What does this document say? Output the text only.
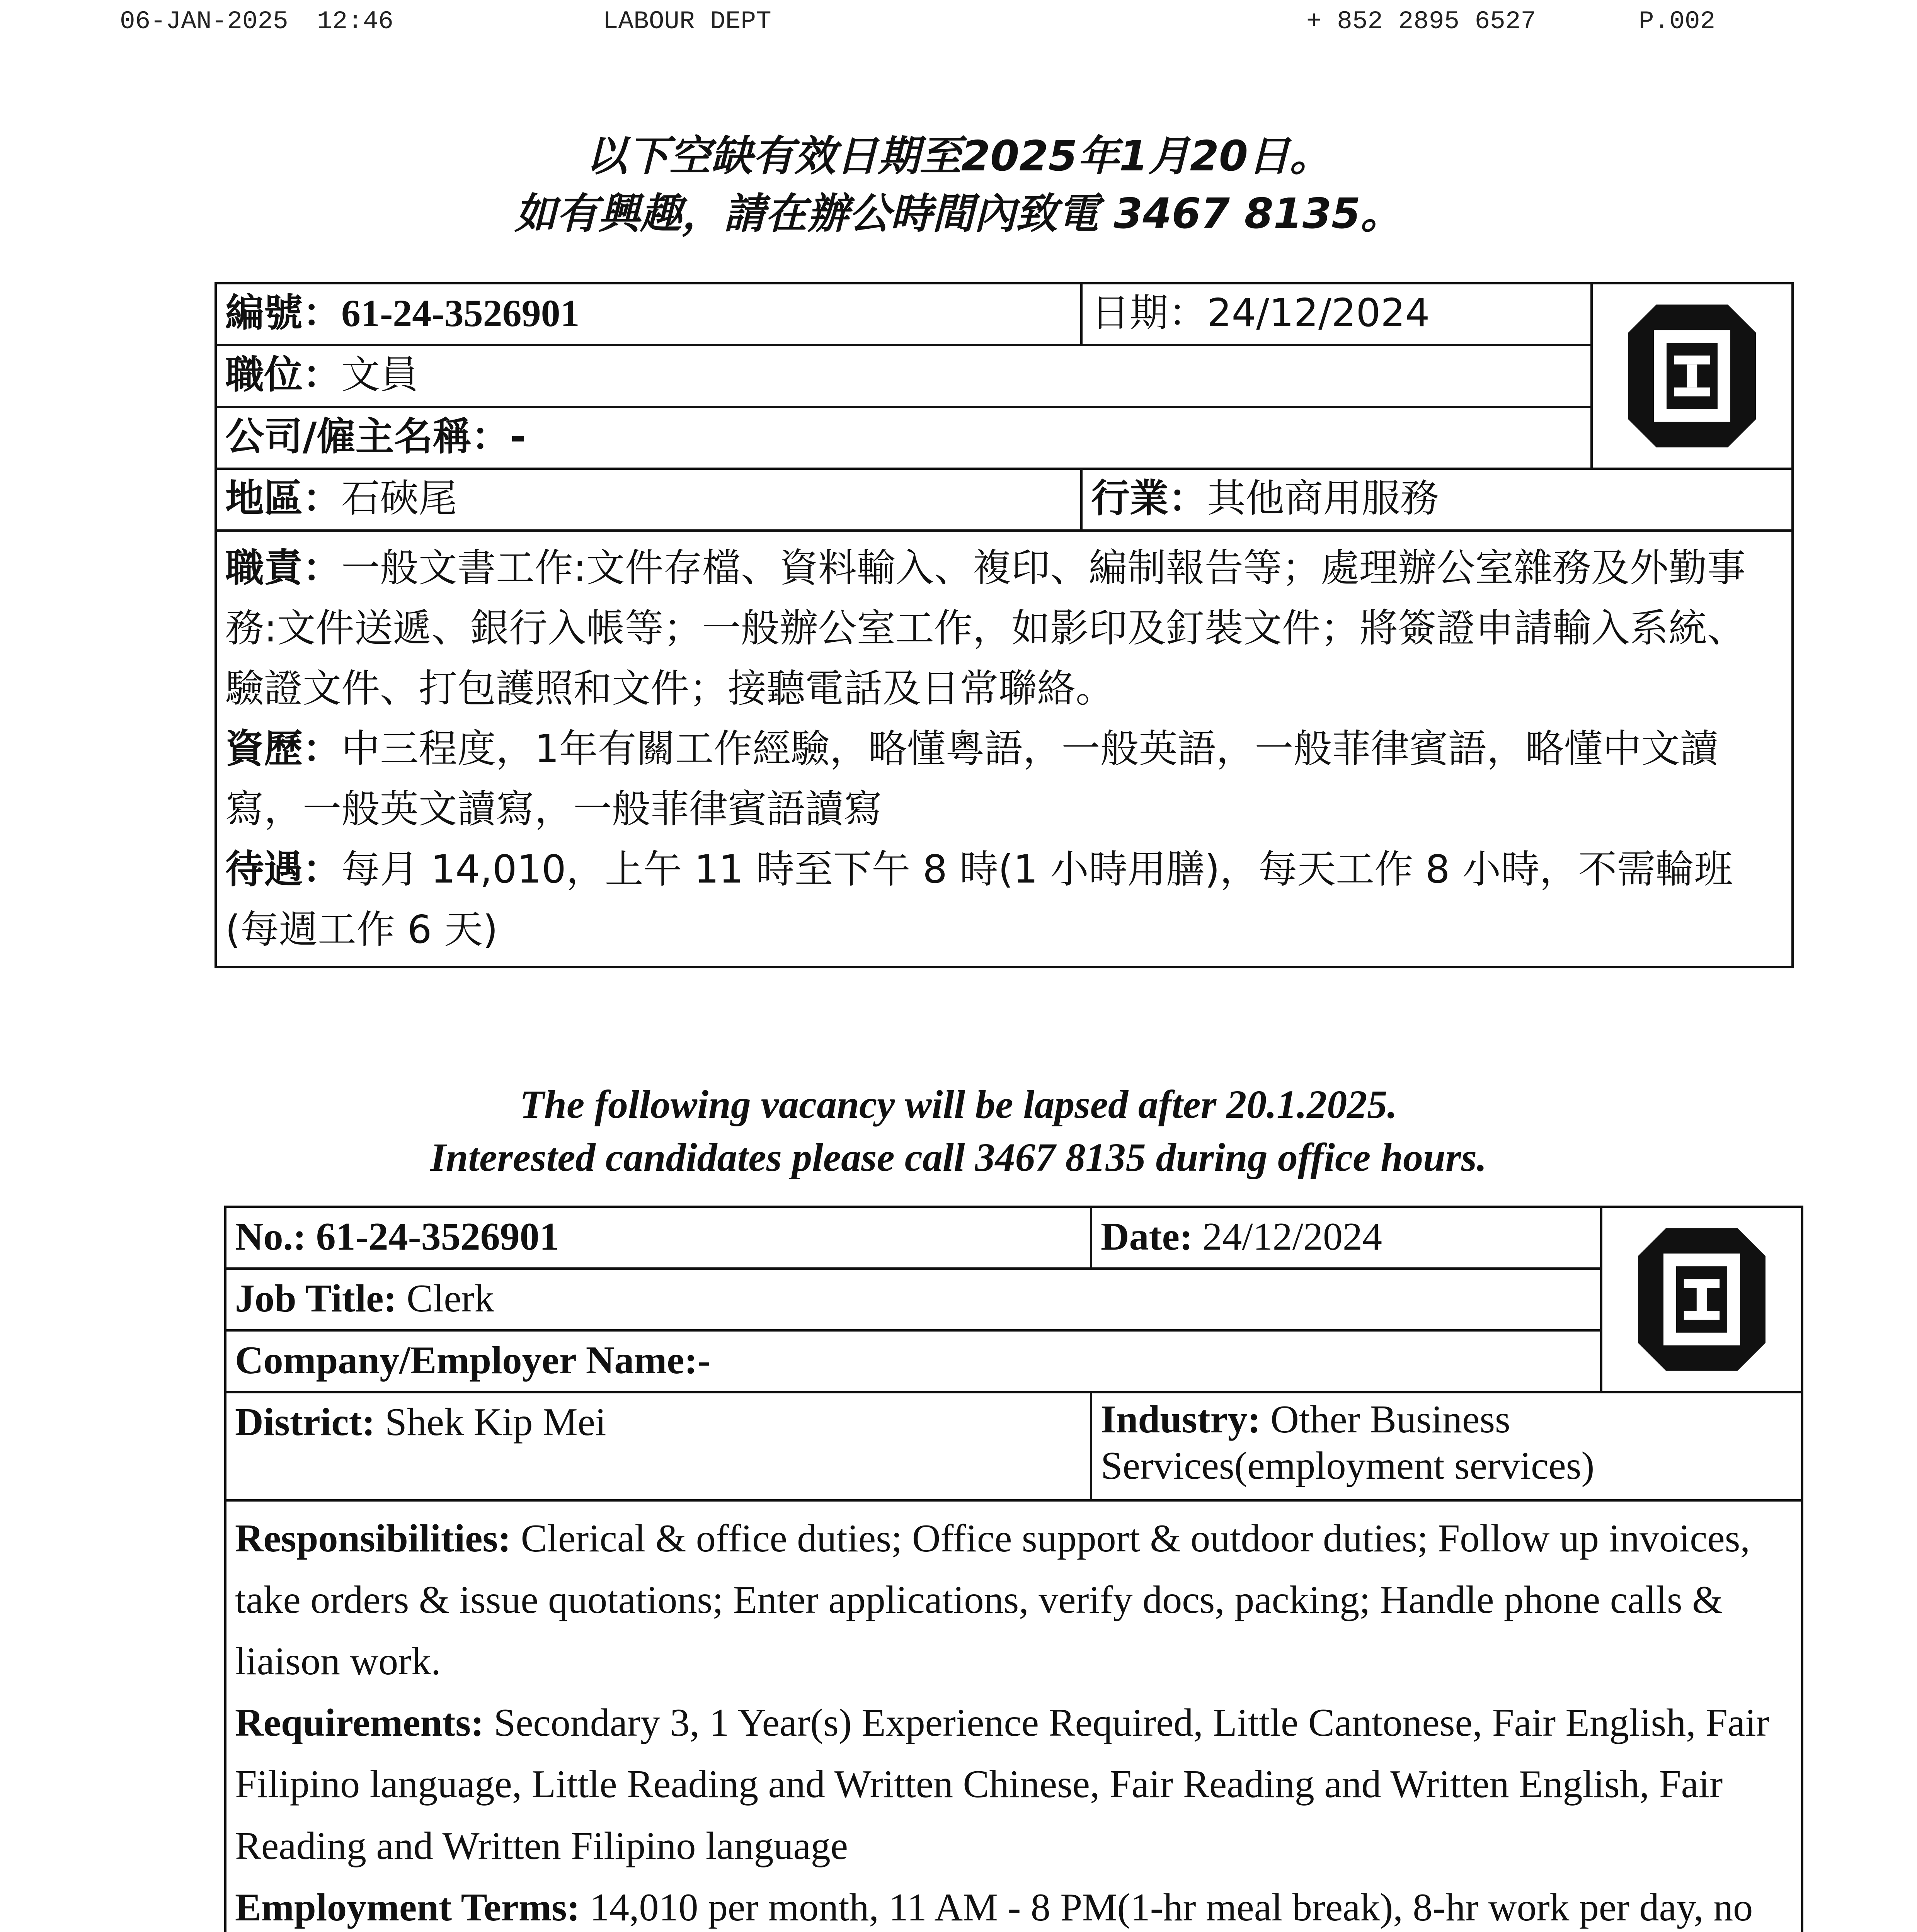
06-JAN-2025 12:46	LABOUR DEPT	+ 852 2895 6527	P.002
以下空缺有效日期至2025年1月20日。
如有興趣，請在辦公時間內致電 3467 8135。
編號：61-24-3526901	日期：24/12/2024	

職位：文員		
公司/僱主名稱：-		
地區：石硤尾	行業：其他商用服務	

職責：一般文書工作:文件存檔、資料輸入、複印、編制報告等；處理辦公室雜務及外勤事務:文件送遞、銀行入帳等；一般辦公室工作，如影印及釘裝文件；將簽證申請輸入系統、驗證文件、打包護照和文件；接聽電話及日常聯絡。
資歷：中三程度，1年有關工作經驗，略懂粵語，一般英語，一般菲律賓語，略懂中文讀寫，一般英文讀寫，一般菲律賓語讀寫
待遇：每月 14,010，上午 11 時至下午 8 時(1 小時用膳)，每天工作 8 小時，不需輪班(每週工作 6 天)		
The following vacancy will be lapsed after 20.1.2025.
Interested candidates please call 3467 8135 during office hours.
No.: 61-24-3526901	Date: 24/12/2024	

Job Title: Clerk		
Company/Employer Name:-		
District: Shek Kip Mei	Industry: Other Business Services(employment services)	

Responsibilities: Clerical & office duties; Office support & outdoor duties; Follow up invoices, take orders & issue quotations; Enter applications, verify docs, packing; Handle phone calls & liaison work.
Requirements: Secondary 3, 1 Year(s) Experience Required, Little Cantonese, Fair English, Fair Filipino language, Little Reading and Written Chinese, Fair Reading and Written English, Fair Reading and Written Filipino language
Employment Terms: 14,010 per month, 11 AM - 8 PM(1-hr meal break), 8-hr work per day, no		
